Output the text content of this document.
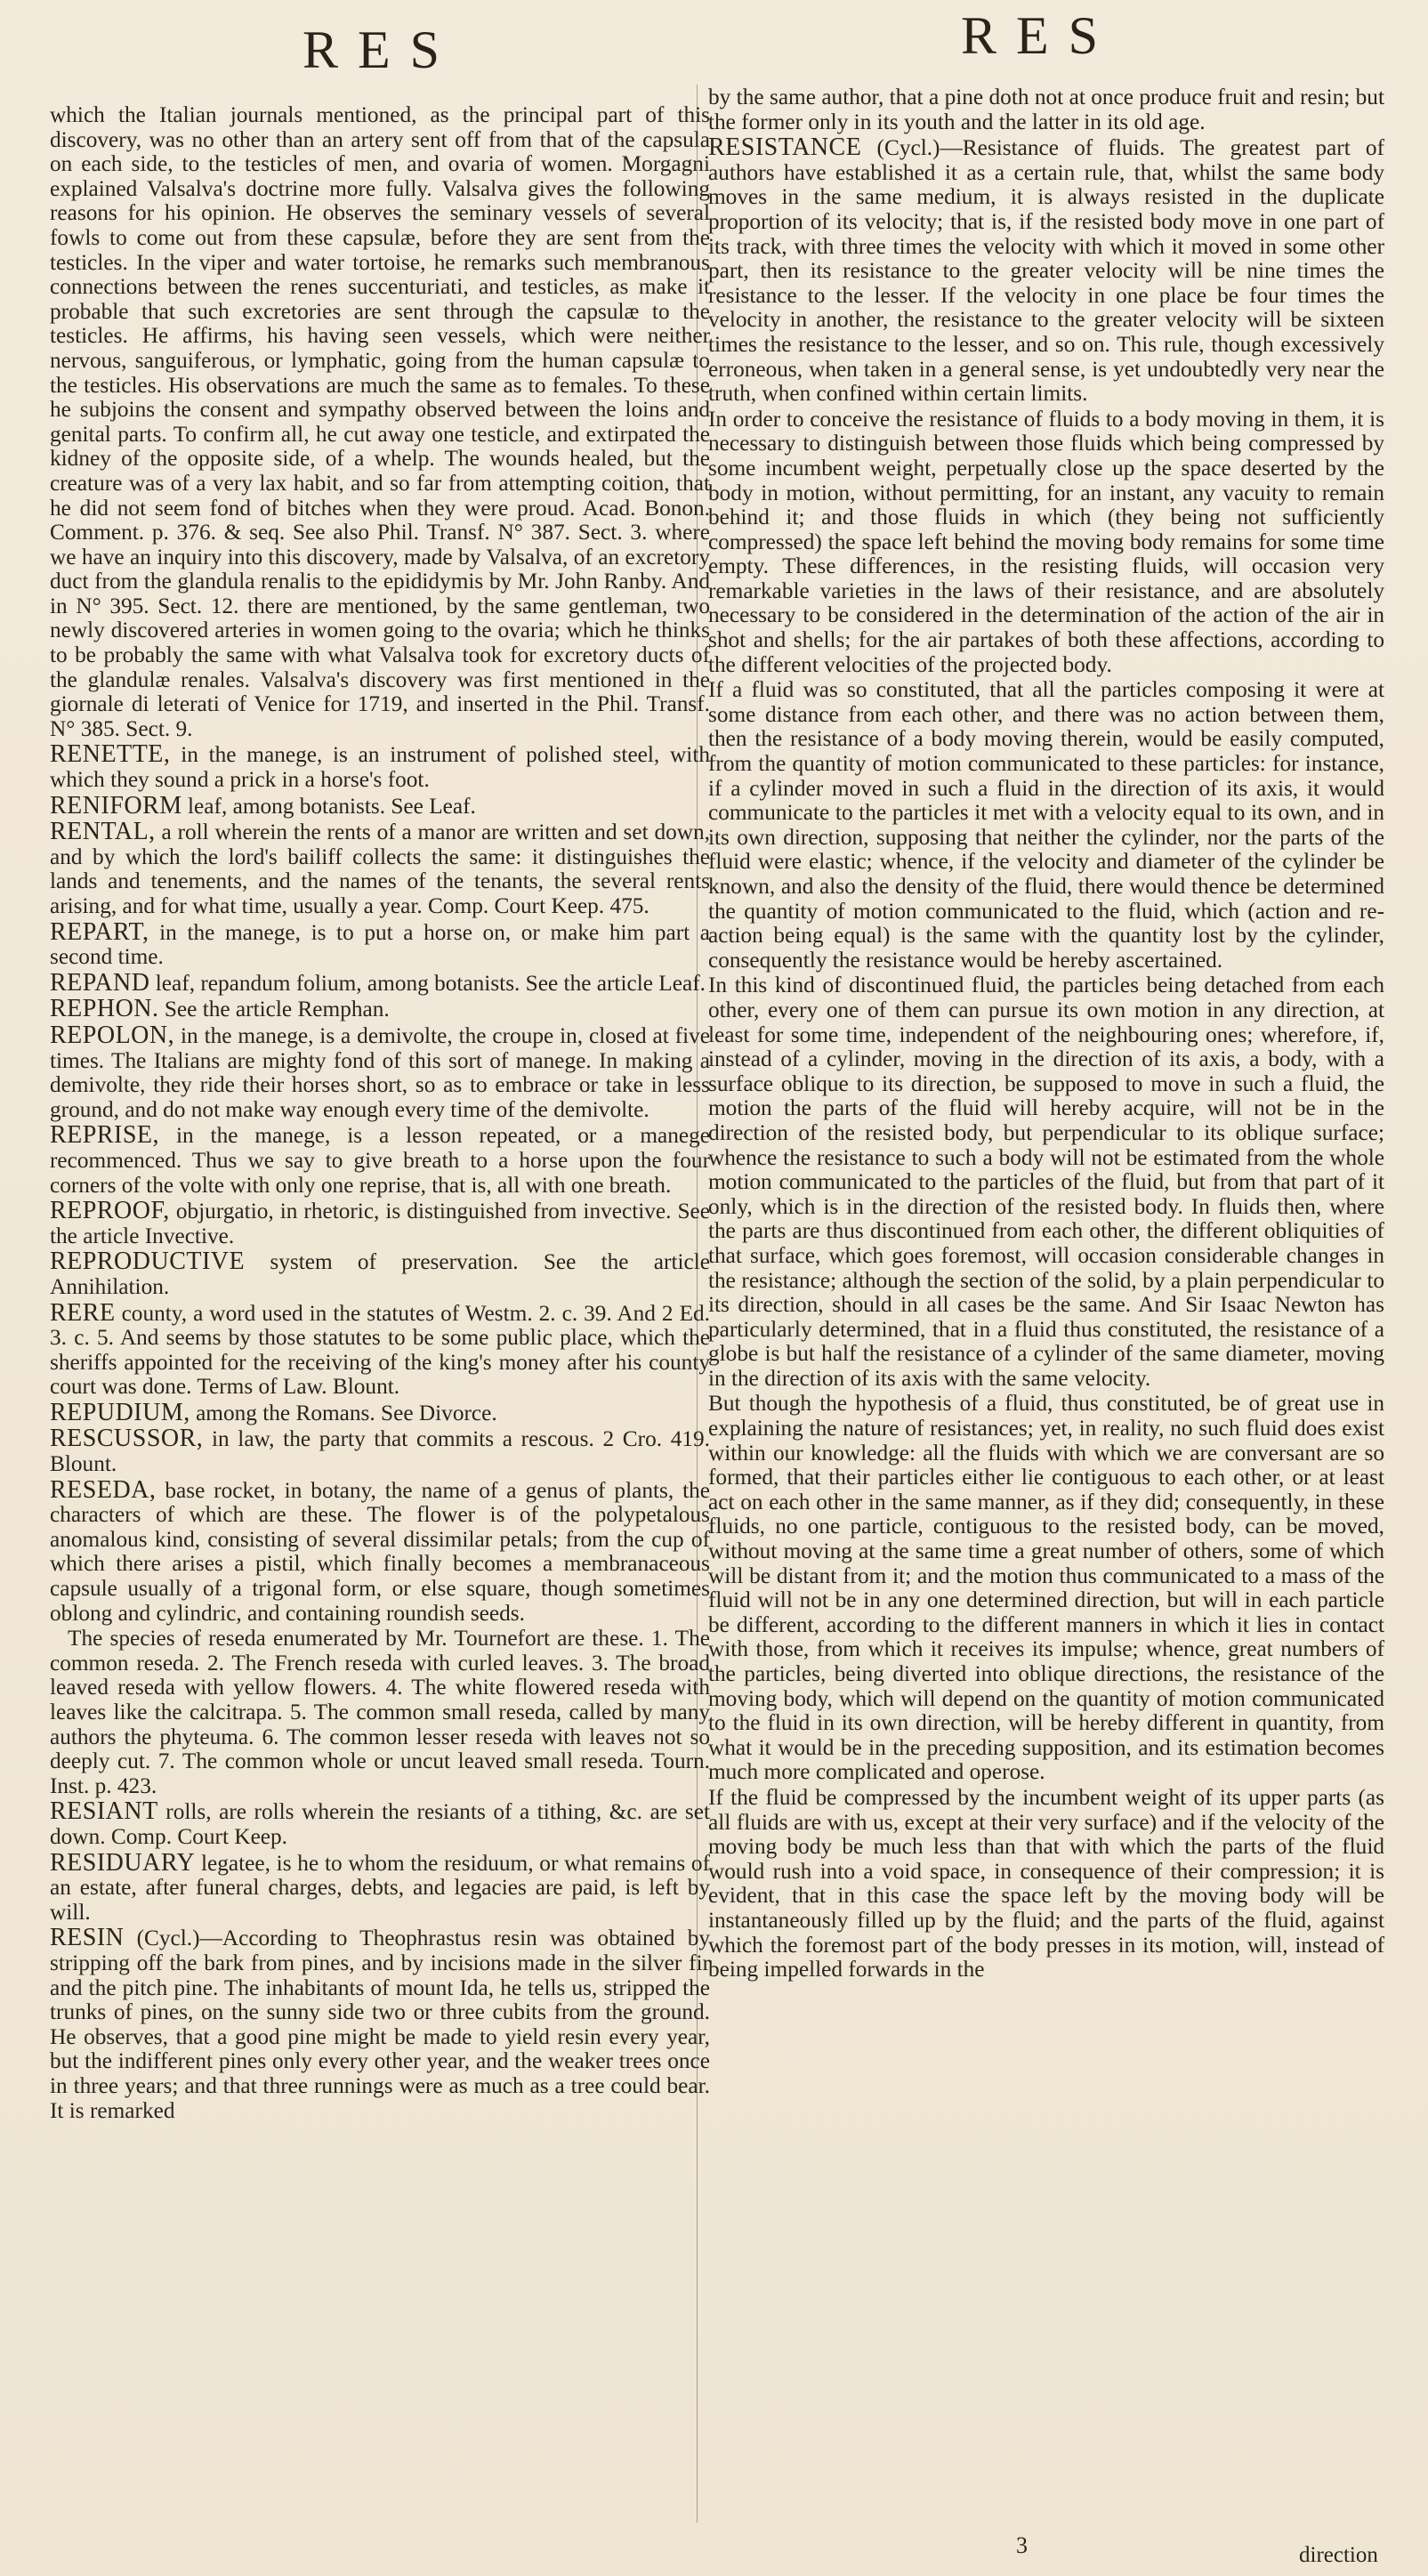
RES	RES

which the Italian journals mentioned, as the principal part of this discovery, was no other than an artery sent off from that of the capsula on each side, to the testicles of men, and ovaria of women. Morgagni explained Valsalva's doctrine more fully. Valsalva gives the following reasons for his opinion. He observes the seminary vessels of several fowls to come out from these capsulæ, before they are sent from the testicles. In the viper and water tortoise, he remarks such membranous connections between the renes succenturiati, and testicles, as make it probable that such excretories are sent through the capsulæ to the testicles. He affirms, his having seen vessels, which were neither nervous, sanguiferous, or lymphatic, going from the human capsulæ to the testicles. His observations are much the same as to females. To these he subjoins the consent and sympathy observed between the loins and genital parts. To confirm all, he cut away one testicle, and extirpated the kidney of the opposite side, of a whelp. The wounds healed, but the creature was of a very lax habit, and so far from attempting coition, that he did not seem fond of bitches when they were proud. Acad. Bonon. Comment. p. 376. & seq. See also Phil. Transf. N° 387. Sect. 3. where we have an inquiry into this discovery, made by Valsalva, of an excretory duct from the glandula renalis to the epididymis by Mr. John Ranby. And in N° 395. Sect. 12. there are mentioned, by the same gentleman, two newly discovered arteries in women going to the ovaria; which he thinks to be probably the same with what Valsalva took for excretory ducts of the glandulæ renales. Valsalva's discovery was first mentioned in the giornale di leterati of Venice for 1719, and inserted in the Phil. Transf. N° 385. Sect. 9.

RENETTE, in the manege, is an instrument of polished steel, with which they sound a prick in a horse's foot.

RENIFORM leaf, among botanists. See Leaf.

RENTAL, a roll wherein the rents of a manor are written and set down, and by which the lord's bailiff collects the same: it distinguishes the lands and tenements, and the names of the tenants, the several rents arising, and for what time, usually a year. Comp. Court Keep. 475.

REPART, in the manege, is to put a horse on, or make him part a second time.

REPAND leaf, repandum folium, among botanists. See the article Leaf.

REPHON. See the article Remphan.

REPOLON, in the manege, is a demivolte, the croupe in, closed at five times. The Italians are mighty fond of this sort of manege. In making a demivolte, they ride their horses short, so as to embrace or take in less ground, and do not make way enough every time of the demivolte.

REPRISE, in the manege, is a lesson repeated, or a manege recommenced. Thus we say to give breath to a horse upon the four corners of the volte with only one reprise, that is, all with one breath.

REPROOF, objurgatio, in rhetoric, is distinguished from invective. See the article Invective.

REPRODUCTIVE system of preservation. See the article Annihilation.

RERE county, a word used in the statutes of Westm. 2. c. 39. And 2 Ed. 3. c. 5. And seems by those statutes to be some public place, which the sheriffs appointed for the receiving of the king's money after his county court was done. Terms of Law. Blount.

REPUDIUM, among the Romans. See Divorce.

RESCUSSOR, in law, the party that commits a rescous. 2 Cro. 419. Blount.

RESEDA, base rocket, in botany, the name of a genus of plants, the characters of which are these. The flower is of the polypetalous anomalous kind, consisting of several dissimilar petals; from the cup of which there arises a pistil, which finally becomes a membranaceous capsule usually of a trigonal form, or else square, though sometimes oblong and cylindric, and containing roundish seeds.

The species of reseda enumerated by Mr. Tournefort are these. 1. The common reseda. 2. The French reseda with curled leaves. 3. The broad leaved reseda with yellow flowers. 4. The white flowered reseda with leaves like the calcitrapa. 5. The common small reseda, called by many authors the phyteuma. 6. The common lesser reseda with leaves not so deeply cut. 7. The common whole or uncut leaved small reseda. Tourn. Inst. p. 423.

RESIANT rolls, are rolls wherein the resiants of a tithing, &c. are set down. Comp. Court Keep.

RESIDUARY legatee, is he to whom the residuum, or what remains of an estate, after funeral charges, debts, and legacies are paid, is left by will.

RESIN (Cycl.)—According to Theophrastus resin was obtained by stripping off the bark from pines, and by incisions made in the silver fir and the pitch pine. The inhabitants of mount Ida, he tells us, stripped the trunks of pines, on the sunny side two or three cubits from the ground. He observes, that a good pine might be made to yield resin every year, but the indifferent pines only every other year, and the weaker trees once in three years; and that three runnings were as much as a tree could bear. It is remarked

by the same author, that a pine doth not at once produce fruit and resin; but the former only in its youth and the latter in its old age.

RESISTANCE (Cycl.)—Resistance of fluids. The greatest part of authors have established it as a certain rule, that, whilst the same body moves in the same medium, it is always resisted in the duplicate proportion of its velocity; that is, if the resisted body move in one part of its track, with three times the velocity with which it moved in some other part, then its resistance to the greater velocity will be nine times the resistance to the lesser. If the velocity in one place be four times the velocity in another, the resistance to the greater velocity will be sixteen times the resistance to the lesser, and so on. This rule, though excessively erroneous, when taken in a general sense, is yet undoubtedly very near the truth, when confined within certain limits.

In order to conceive the resistance of fluids to a body moving in them, it is necessary to distinguish between those fluids which being compressed by some incumbent weight, perpetually close up the space deserted by the body in motion, without permitting, for an instant, any vacuity to remain behind it; and those fluids in which (they being not sufficiently compressed) the space left behind the moving body remains for some time empty. These differences, in the resisting fluids, will occasion very remarkable varieties in the laws of their resistance, and are absolutely necessary to be considered in the determination of the action of the air in shot and shells; for the air partakes of both these affections, according to the different velocities of the projected body.

If a fluid was so constituted, that all the particles composing it were at some distance from each other, and there was no action between them, then the resistance of a body moving therein, would be easily computed, from the quantity of motion communicated to these particles: for instance, if a cylinder moved in such a fluid in the direction of its axis, it would communicate to the particles it met with a velocity equal to its own, and in its own direction, supposing that neither the cylinder, nor the parts of the fluid were elastic; whence, if the velocity and diameter of the cylinder be known, and also the density of the fluid, there would thence be determined the quantity of motion communicated to the fluid, which (action and re-action being equal) is the same with the quantity lost by the cylinder, consequently the resistance would be hereby ascertained.

In this kind of discontinued fluid, the particles being detached from each other, every one of them can pursue its own motion in any direction, at least for some time, independent of the neighbouring ones; wherefore, if, instead of a cylinder, moving in the direction of its axis, a body, with a surface oblique to its direction, be supposed to move in such a fluid, the motion the parts of the fluid will hereby acquire, will not be in the direction of the resisted body, but perpendicular to its oblique surface; whence the resistance to such a body will not be estimated from the whole motion communicated to the particles of the fluid, but from that part of it only, which is in the direction of the resisted body. In fluids then, where the parts are thus discontinued from each other, the different obliquities of that surface, which goes foremost, will occasion considerable changes in the resistance; although the section of the solid, by a plain perpendicular to its direction, should in all cases be the same. And Sir Isaac Newton has particularly determined, that in a fluid thus constituted, the resistance of a globe is but half the resistance of a cylinder of the same diameter, moving in the direction of its axis with the same velocity.

But though the hypothesis of a fluid, thus constituted, be of great use in explaining the nature of resistances; yet, in reality, no such fluid does exist within our knowledge: all the fluids with which we are conversant are so formed, that their particles either lie contiguous to each other, or at least act on each other in the same manner, as if they did; consequently, in these fluids, no one particle, contiguous to the resisted body, can be moved, without moving at the same time a great number of others, some of which will be distant from it; and the motion thus communicated to a mass of the fluid will not be in any one determined direction, but will in each particle be different, according to the different manners in which it lies in contact with those, from which it receives its impulse; whence, great numbers of the particles, being diverted into oblique directions, the resistance of the moving body, which will depend on the quantity of motion communicated to the fluid in its own direction, will be hereby different in quantity, from what it would be in the preceding supposition, and its estimation becomes much more complicated and operose.

If the fluid be compressed by the incumbent weight of its upper parts (as all fluids are with us, except at their very surface) and if the velocity of the moving body be much less than that with which the parts of the fluid would rush into a void space, in consequence of their compression; it is evident, that in this case the space left by the moving body will be instantaneously filled up by the fluid; and the parts of the fluid, against which the foremost part of the body presses in its motion, will, instead of being impelled forwards in the

3	direction
